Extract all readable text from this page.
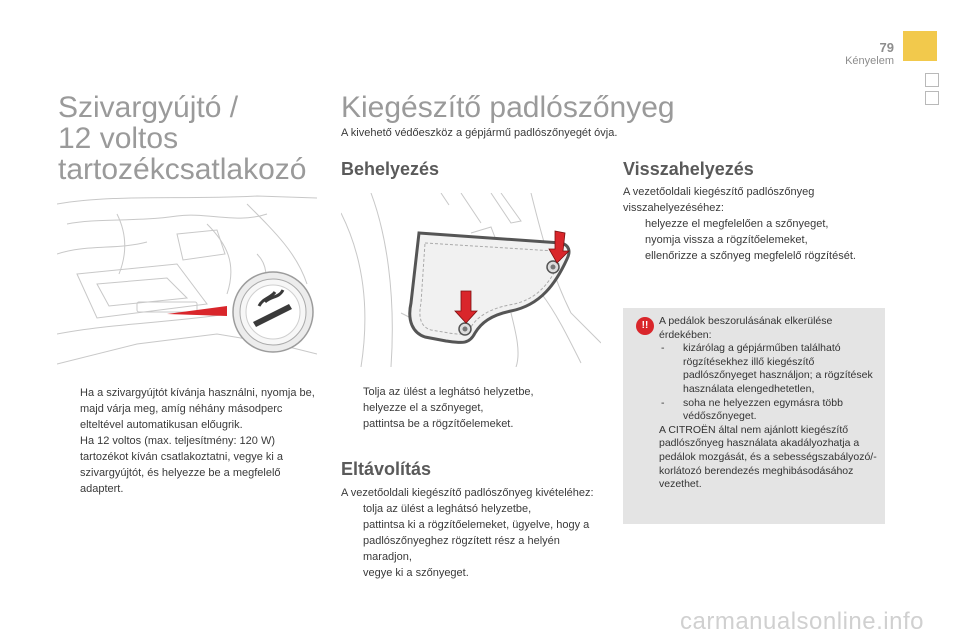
79
Kényelem
Szivargyújtó /
12 voltos
tartozékcsatlakozó
Ha a szivargyújtót kívánja használni, nyomja be, majd várja meg, amíg néhány másodperc elteltével automatikusan előugrik.
Ha 12 voltos (max. teljesítmény: 120 W) tartozékot kíván csatlakoztatni, vegye ki a szivargyújtót, és helyezze be a megfelelő adaptert.
Kiegészítő padlószőnyeg
A kivehető védőeszköz a gépjármű padlószőnyegét óvja.
Behelyezés
Tolja az ülést a leghátsó helyzetbe,
helyezze el a szőnyeget,
pattintsa be a rögzítőelemeket.
Eltávolítás
A vezetőoldali kiegészítő padlószőnyeg kivételéhez:
tolja az ülést a leghátsó helyzetbe,
pattintsa ki a rögzítőelemeket, ügyelve, hogy a padlószőnyeghez rögzített rész a helyén maradjon,
vegye ki a szőnyeget.
Visszahelyezés
A vezetőoldali kiegészítő padlószőnyeg visszahelyezéséhez:
helyezze el megfelelően a szőnyeget,
nyomja vissza a rögzítőelemeket,
ellenőrizze a szőnyeg megfelelő rögzítését.
!!	A pedálok beszorulásának elkerülése érdekében:
- kizárólag a gépjárműben található rögzítésekhez illő kiegészítő padlószőnyeget használjon; a rögzítések használata elengedhetetlen,
- soha ne helyezzen egymásra több védőszőnyeget.
A CITROËN által nem ajánlott kiegészítő padlószőnyeg használata akadályozhatja a pedálok mozgását, és a sebességszabályozó/-korlátozó berendezés meghibásodásához vezethet.
carmanualsonline.info
